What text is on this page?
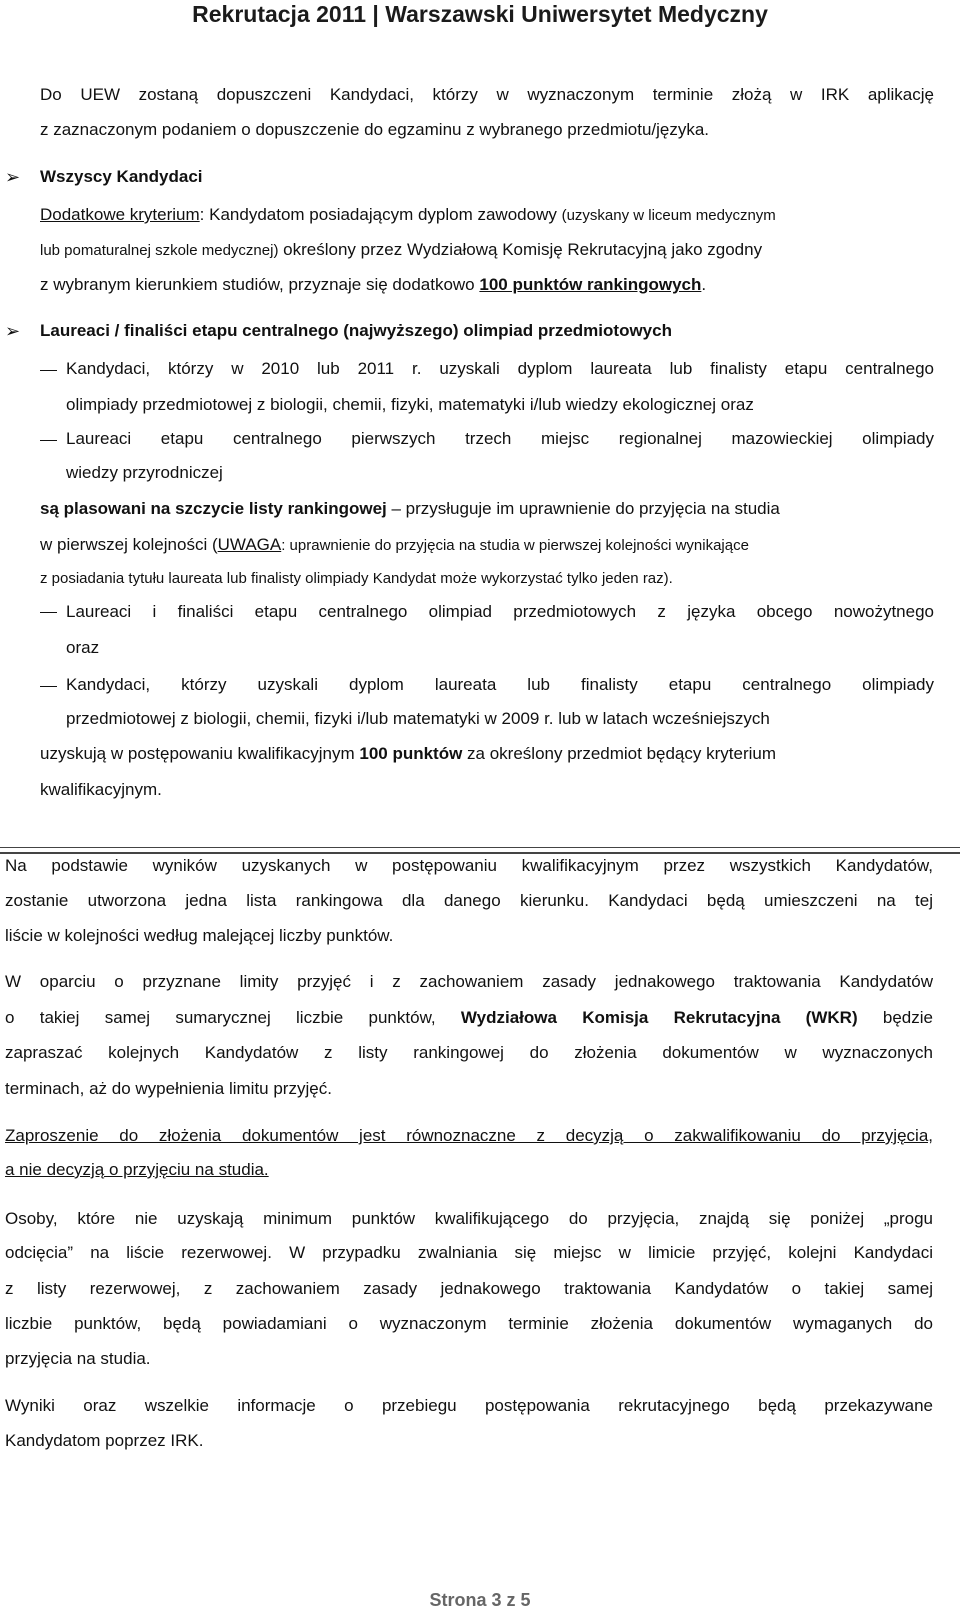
Rekrutacja 2011 | Warszawski Uniwersytet Medyczny
Do UEW zostaną dopuszczeni Kandydaci, którzy w wyznaczonym terminie złożą w IRK aplikację
z zaznaczonym podaniem o dopuszczenie do egzaminu z wybranego przedmiotu/języka.
➢ Wszyscy Kandydaci
Dodatkowe kryterium: Kandydatom posiadającym dyplom zawodowy (uzyskany w liceum medycznym
lub pomaturalnej szkole medycznej) określony przez Wydziałową Komisję Rekrutacyjną jako zgodny
z wybranym kierunkiem studiów, przyznaje się dodatkowo 100 punktów rankingowych.
➢ Laureaci / finaliści etapu centralnego (najwyższego) olimpiad przedmiotowych
Kandydaci, którzy w 2010 lub 2011 r. uzyskali dyplom laureata lub finalisty etapu centralnego
olimpiady przedmiotowej z biologii, chemii, fizyki, matematyki i/lub wiedzy ekologicznej oraz
Laureaci etapu centralnego pierwszych trzech miejsc regionalnej mazowieckiej olimpiady
wiedzy przyrodniczej
są plasowani na szczycie listy rankingowej – przysługuje im uprawnienie do przyjęcia na studia
w pierwszej kolejności (UWAGA: uprawnienie do przyjęcia na studia w pierwszej kolejności wynikające
z posiadania tytułu laureata lub finalisty olimpiady Kandydat może wykorzystać tylko jeden raz).
Laureaci i finaliści etapu centralnego olimpiad przedmiotowych z języka obcego nowożytnego
oraz
Kandydaci, którzy uzyskali dyplom laureata lub finalisty etapu centralnego olimpiady
przedmiotowej z biologii, chemii, fizyki i/lub matematyki w 2009 r. lub w latach wcześniejszych
uzyskują w postępowaniu kwalifikacyjnym 100 punktów za określony przedmiot będący kryterium
kwalifikacyjnym.
Na podstawie wyników uzyskanych w postępowaniu kwalifikacyjnym przez wszystkich Kandydatów,
zostanie utworzona jedna lista rankingowa dla danego kierunku. Kandydaci będą umieszczeni na tej
liście w kolejności według malejącej liczby punktów.
W oparciu o przyznane limity przyjęć i z zachowaniem zasady jednakowego traktowania Kandydatów
o takiej samej sumarycznej liczbie punktów, Wydziałowa Komisja Rekrutacyjna (WKR) będzie
zapraszać kolejnych Kandydatów z listy rankingowej do złożenia dokumentów w wyznaczonych
terminach, aż do wypełnienia limitu przyjęć.
Zaproszenie do złożenia dokumentów jest równoznaczne z decyzją o zakwalifikowaniu do przyjęcia,
a nie decyzją o przyjęciu na studia.
Osoby, które nie uzyskają minimum punktów kwalifikującego do przyjęcia, znajdą się poniżej „progu
odcięcia” na liście rezerwowej. W przypadku zwalniania się miejsc w limicie przyjęć, kolejni Kandydaci
z listy rezerwowej, z zachowaniem zasady jednakowego traktowania Kandydatów o takiej samej
liczbie punktów, będą powiadamiani o wyznaczonym terminie złożenia dokumentów wymaganych do
przyjęcia na studia.
Wyniki oraz wszelkie informacje o przebiegu postępowania rekrutacyjnego będą przekazywane
Kandydatom poprzez IRK.
Strona 3 z 5
